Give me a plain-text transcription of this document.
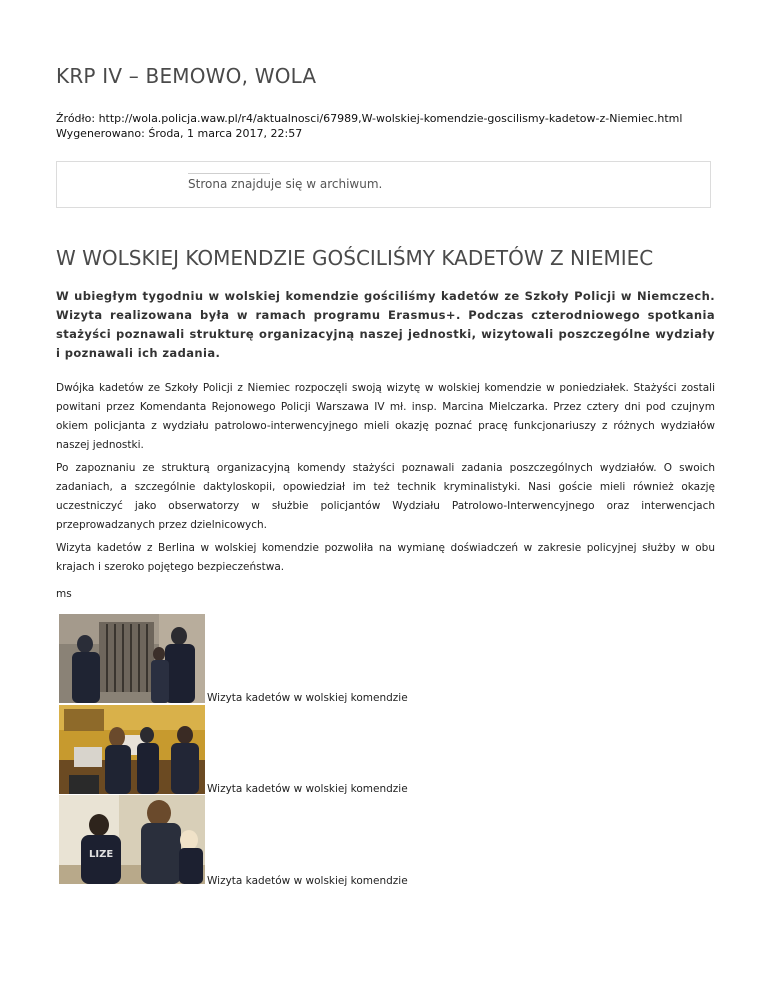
KRP IV – BEMOWO, WOLA
Źródło: http://wola.policja.waw.pl/r4/aktualnosci/67989,W-wolskiej-komendzie-goscilismy-kadetow-z-Niemiec.html
Wygenerowano: Środa, 1 marca 2017, 22:57
Strona znajduje się w archiwum.
W WOLSKIEJ KOMENDZIE GOŚCILIŚMY KADETÓW Z NIEMIEC
W ubiegłym tygodniu w wolskiej komendzie gościliśmy kadetów ze Szkoły Policji w Niemczech. Wizyta realizowana była w ramach programu Erasmus+. Podczas czterodniowego spotkania stażyści poznawali strukturę organizacyjną naszej jednostki, wizytowali poszczególne wydziały i poznawali ich zadania.
Dwójka kadetów ze Szkoły Policji z Niemiec rozpoczęli swoją wizytę w wolskiej komendzie w poniedziałek. Stażyści zostali powitani przez Komendanta Rejonowego Policji Warszawa IV mł. insp. Marcina Mielczarka. Przez cztery dni pod czujnym okiem policjanta z wydziału patrolowo-interwencyjnego mieli okazję poznać pracę funkcjonariuszy z różnych wydziałów naszej jednostki.
Po zapoznaniu ze strukturą organizacyjną komendy stażyści poznawali zadania poszczególnych wydziałów. O swoich zadaniach, a szczególnie daktyloskopii, opowiedział im też technik kryminalistyki. Nasi goście mieli również okazję uczestniczyć jako obserwatorzy w służbie policjantów Wydziału Patrolowo-Interwencyjnego oraz interwencjach przeprowadzanych przez dzielnicowych.
Wizyta kadetów z Berlina w wolskiej komendzie pozwoliła na wymianę doświadczeń w zakresie policyjnej służby w obu krajach i szeroko pojętego bezpieczeństwa.
ms
Wizyta kadetów w wolskiej komendzie
Wizyta kadetów w wolskiej komendzie
LIZE
Wizyta kadetów w wolskiej komendzie
